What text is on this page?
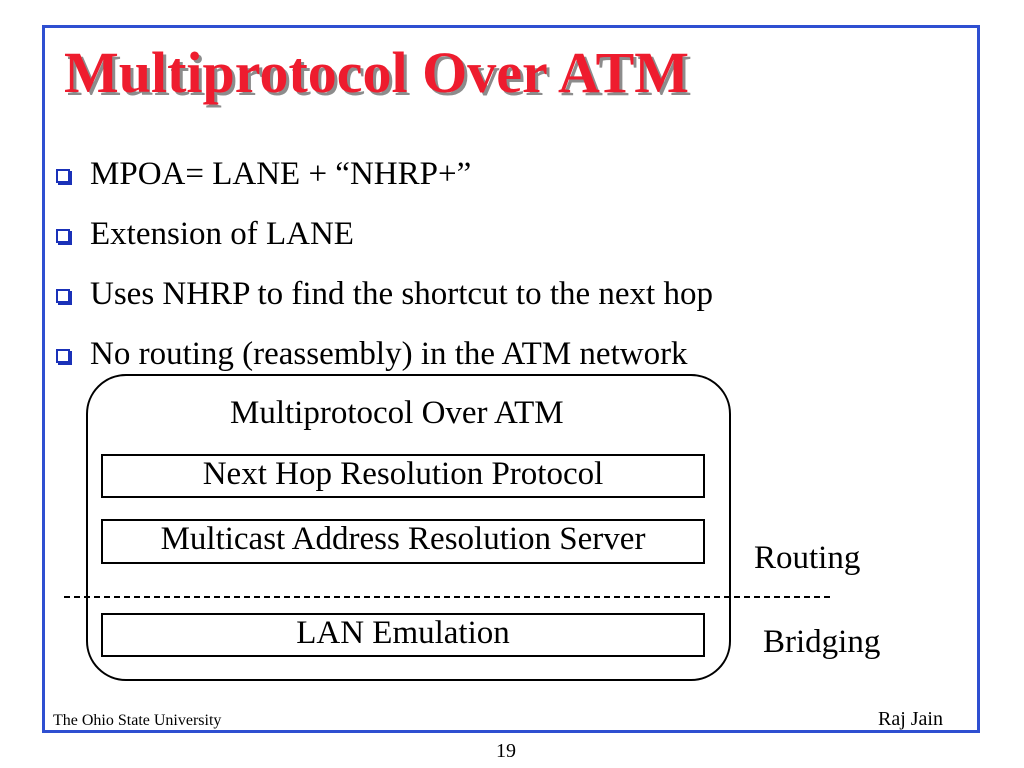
Multiprotocol Over ATM
MPOA= LANE + “NHRP+”
Extension of LANE
Uses NHRP to find the shortcut to the next hop
No routing (reassembly) in the ATM network
Multiprotocol Over ATM
Next Hop Resolution Protocol
Multicast Address Resolution Server
LAN Emulation
Routing
Bridging
The Ohio State University	Raj Jain
19
